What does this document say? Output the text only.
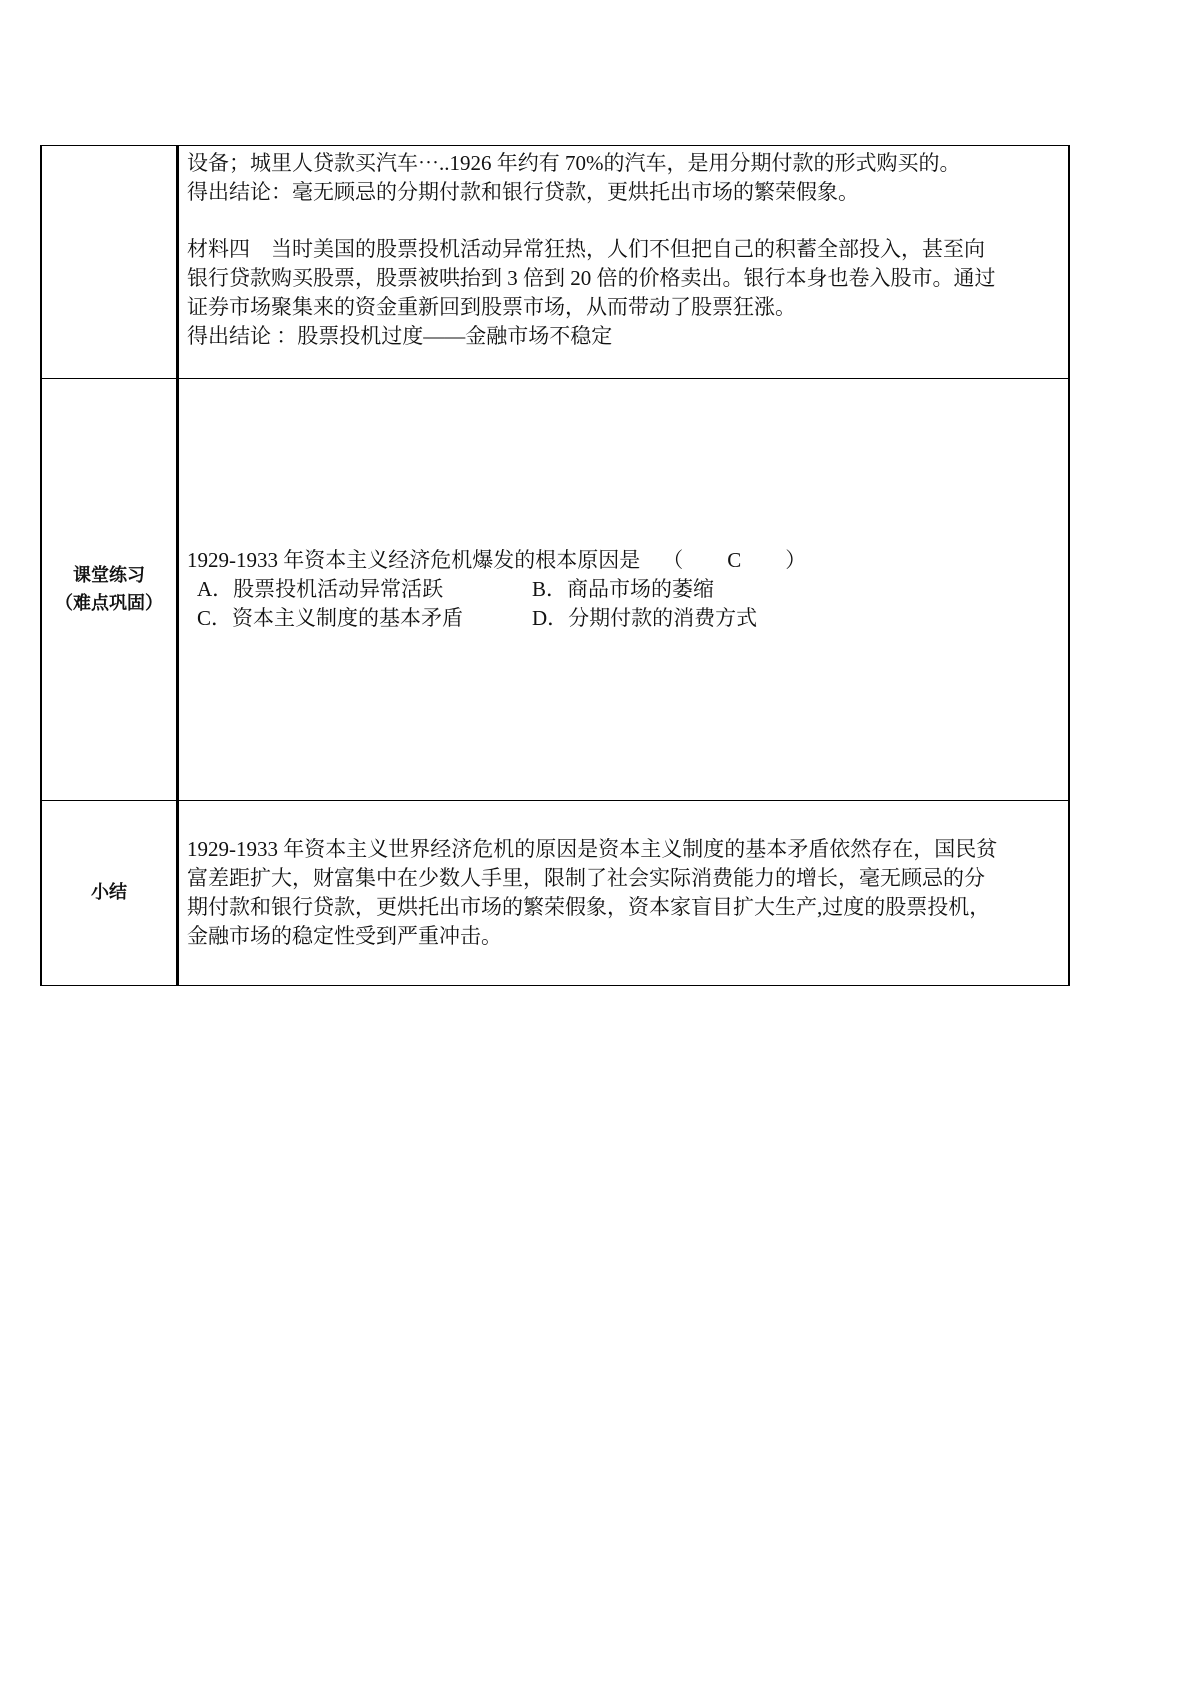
设备；城里人贷款买汽车⋯..1926 年约有 70%的汽车，是用分期付款的形式购买的。
得出结论：毫无顾忌的分期付款和银行贷款，更烘托出市场的繁荣假象。
材料四　当时美国的股票投机活动异常狂热，人们不但把自己的积蓄全部投入，甚至向
银行贷款购买股票，股票被哄抬到 3 倍到 20 倍的价格卖出。银行本身也卷入股市。通过
证券市场聚集来的资金重新回到股票市场，从而带动了股票狂涨。
得出结论 ：股票投机过度——金融市场不稳定
课堂练习
（难点巩固）
1929-1933 年资本主义经济危机爆发的根本原因是 （ C ）
A．股票投机活动异常活跃	B．商品市场的萎缩
C．资本主义制度的基本矛盾	D．分期付款的消费方式
小结
1929-1933 年资本主义世界经济危机的原因是资本主义制度的基本矛盾依然存在，国民贫
富差距扩大，财富集中在少数人手里，限制了社会实际消费能力的增长，毫无顾忌的分
期付款和银行贷款，更烘托出市场的繁荣假象，资本家盲目扩大生产,过度的股票投机，
金融市场的稳定性受到严重冲击。
